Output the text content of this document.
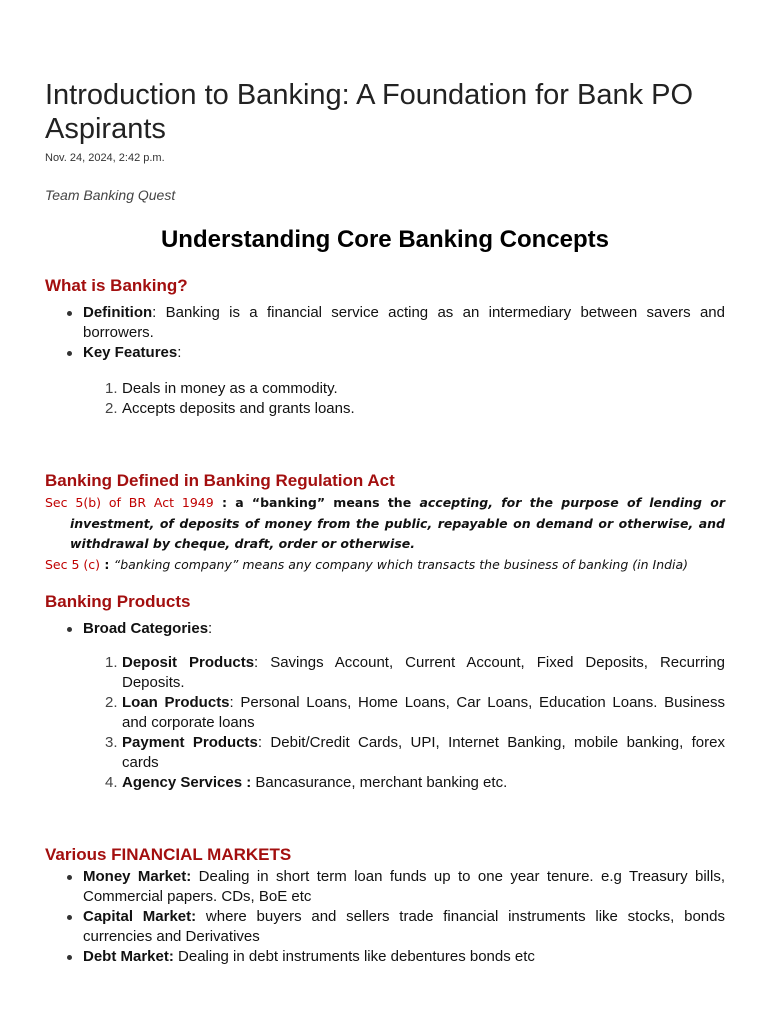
Introduction to Banking: A Foundation for Bank PO Aspirants
Nov. 24, 2024, 2:42 p.m.
Team Banking Quest
Understanding Core Banking Concepts
What is Banking?
Definition: Banking is a financial service acting as an intermediary between savers and borrowers.
Key Features:
Deals in money as a commodity.
Accepts deposits and grants loans.
Banking Defined in Banking Regulation Act
Sec 5(b) of BR Act 1949 : a “banking” means the accepting, for the purpose of lending or investment, of deposits of money from the public, repayable on demand or otherwise, and withdrawal by cheque, draft, order or otherwise.
Sec 5 (c) : “banking company” means any company which transacts the business of banking (in India)
Banking Products
Broad Categories:
Deposit Products: Savings Account, Current Account, Fixed Deposits, Recurring Deposits.
Loan Products: Personal Loans, Home Loans, Car Loans, Education Loans. Business and corporate loans
Payment Products: Debit/Credit Cards, UPI, Internet Banking, mobile banking, forex cards
Agency Services : Bancasurance, merchant banking etc.
Various FINANCIAL MARKETS
Money Market: Dealing in short term loan funds up to one year tenure. e.g Treasury bills, Commercial papers. CDs, BoE etc
Capital Market: where buyers and sellers trade financial instruments like stocks, bonds currencies and Derivatives
Debt Market: Dealing in debt instruments like debentures bonds etc
